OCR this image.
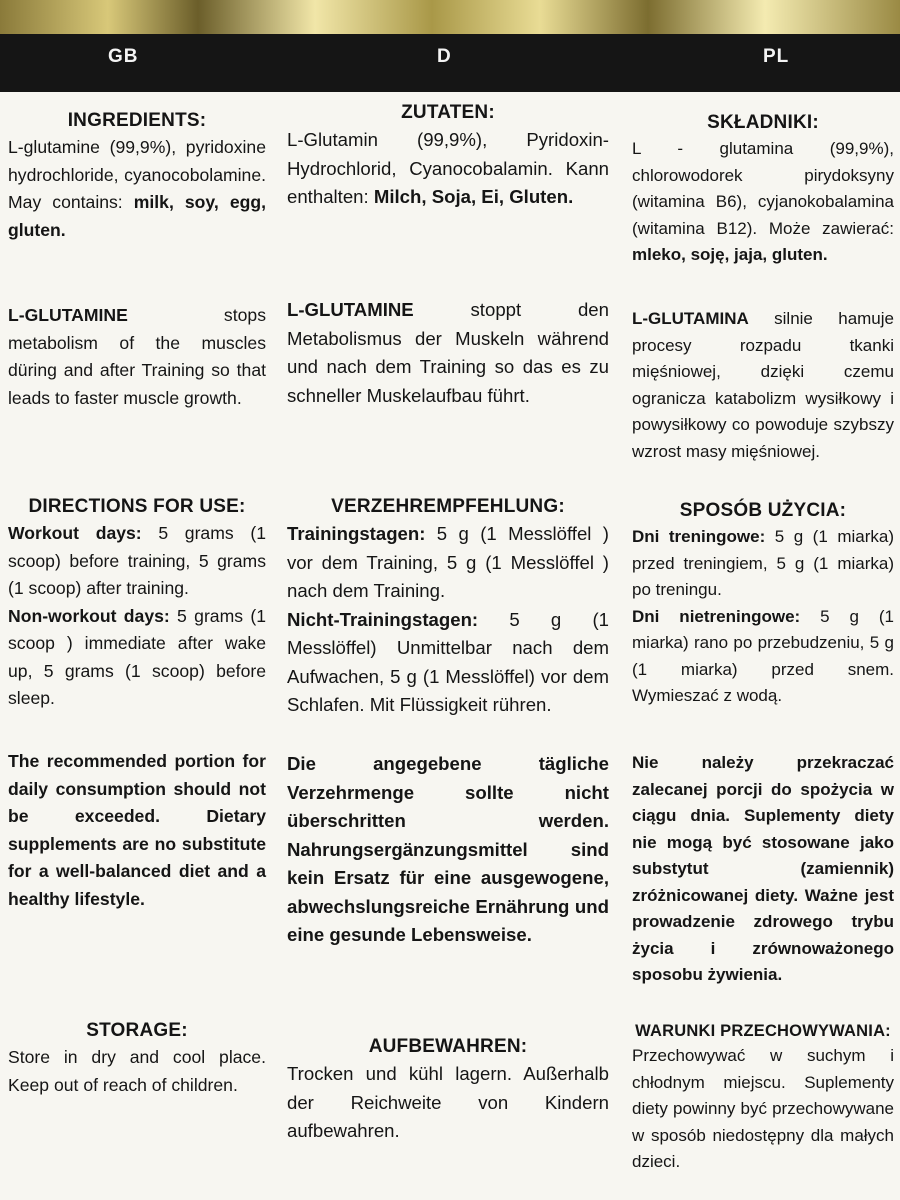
GB	D	PL
INGREDIENTS:

L-glutamine (99,9%), pyridoxine hydrochloride, cyanocobolamine. May contains: milk, soy, egg, gluten.

L-GLUTAMINE stops metabolism of the muscles düring and after Training so that leads to faster muscle growth.

DIRECTIONS FOR USE:

Workout days: 5 grams (1 scoop) before training, 5 grams (1 scoop) after training.

Non-workout days: 5 grams (1 scoop ) immediate after wake up, 5 grams (1 scoop) before sleep.

The recommended portion for daily consumption should not be exceeded. Dietary supplements are no substitute for a well-balanced diet and a healthy lifestyle.

STORAGE:

Store in dry and cool place. Keep out of reach of children.

ZUTATEN:

L-Glutamin (99,9%), Pyridoxin-Hydrochlorid, Cyanocobalamin. Kann enthalten: Milch, Soja, Ei, Gluten.

L-GLUTAMINE stoppt den Metabolismus der Muskeln während und nach dem Training so das es zu schneller Muskelaufbau führt.

VERZEHREMPFEHLUNG:

Trainingstagen: 5 g (1 Messlöffel ) vor dem Training, 5 g (1 Messlöffel ) nach dem Training.

Nicht-Trainingstagen: 5 g (1 Messlöffel) Unmittelbar nach dem Aufwachen, 5 g (1 Messlöffel) vor dem Schlafen. Mit Flüssigkeit rühren.

Die angegebene tägliche Verzehrmenge sollte nicht überschritten werden. Nahrungsergänzungsmittel sind kein Ersatz für eine ausgewogene, abwechslungsreiche Ernährung und eine gesunde Lebensweise.

AUFBEWAHREN:

Trocken und kühl lagern. Außerhalb der Reichweite von Kindern aufbewahren.

SKŁADNIKI:

L - glutamina (99,9%), chlorowodorek pirydoksyny (witamina B6), cyjanokobalamina (witamina B12). Może zawierać: mleko, soję, jaja, gluten.

L-GLUTAMINA silnie hamuje procesy rozpadu tkanki mięśniowej, dzięki czemu ogranicza katabolizm wysiłkowy i powysiłkowy co powoduje szybszy wzrost masy mięśniowej.

SPOSÓB UŻYCIA:

Dni treningowe: 5 g (1 miarka) przed treningiem, 5 g (1 miarka) po treningu.

Dni nietreningowe: 5 g (1 miarka) rano po przebudzeniu, 5 g (1 miarka) przed snem. Wymieszać z wodą.

Nie należy przekraczać zalecanej porcji do spożycia w ciągu dnia. Suplementy diety nie mogą być stosowane jako substytut (zamiennik) zróżnicowanej diety. Ważne jest prowadzenie zdrowego trybu życia i zrównoważonego sposobu żywienia.

WARUNKI PRZECHOWYWANIA:

Przechowywać w suchym i chłodnym miejscu. Suplementy diety powinny być przechowywane w sposób niedostępny dla małych dzieci.
